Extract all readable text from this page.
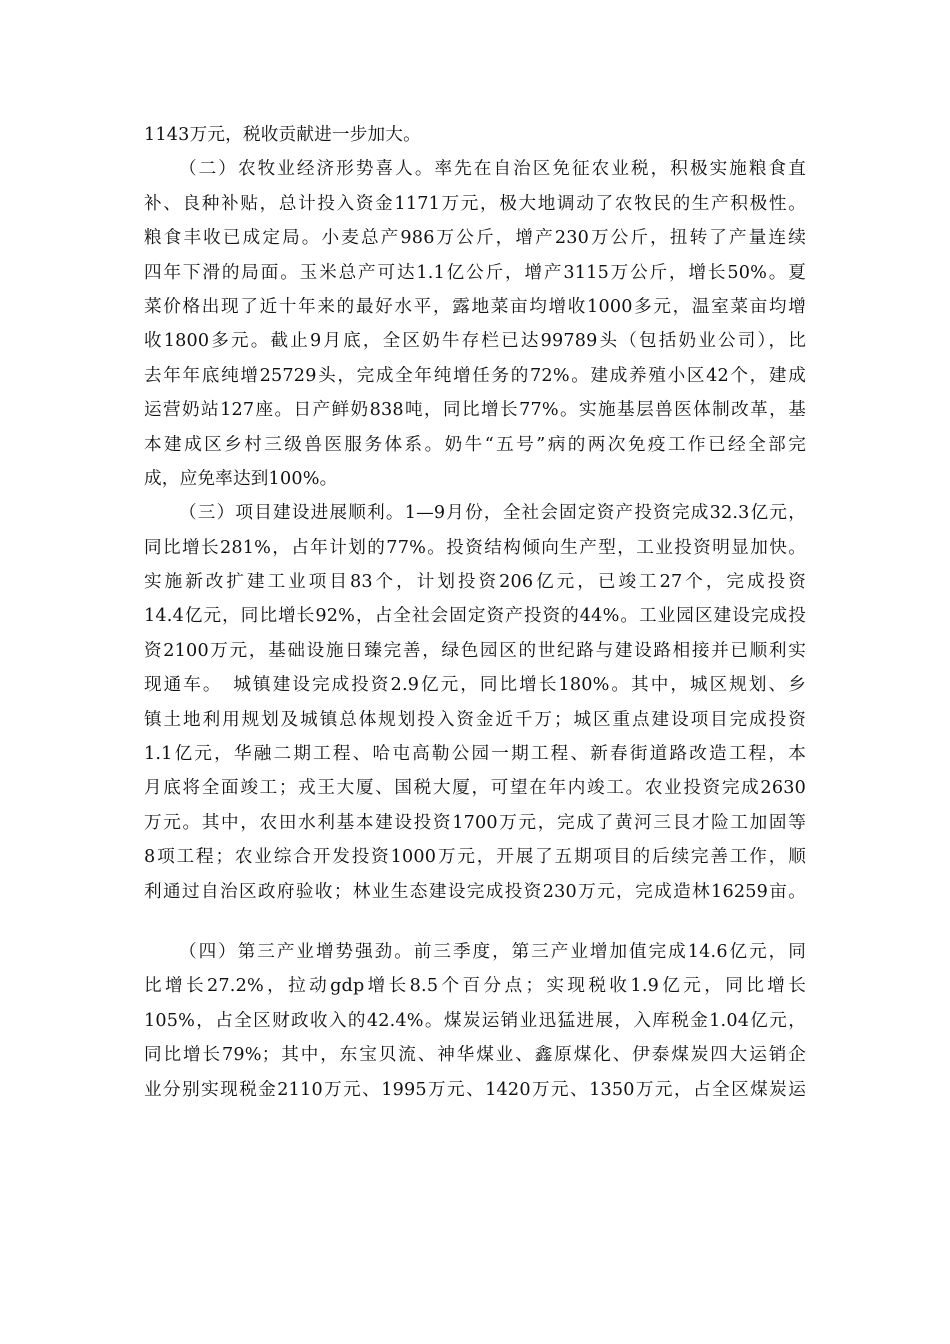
1143万元，税收贡献进一步加大。
（二）农牧业经济形势喜人。率先在自治区免征农业税，积极实施粮食直
补、良种补贴，总计投入资金1171万元，极大地调动了农牧民的生产积极性。
粮食丰收已成定局。小麦总产986万公斤，增产230万公斤，扭转了产量连续
四年下滑的局面。玉米总产可达1.1亿公斤，增产3115万公斤，增长50%。夏
菜价格出现了近十年来的最好水平，露地菜亩均增收1000多元，温室菜亩均增
收1800多元。截止9月底，全区奶牛存栏已达99789头（包括奶业公司），比
去年年底纯增25729头，完成全年纯增任务的72%。建成养殖小区42个，建成
运营奶站127座。日产鲜奶838吨，同比增长77%。实施基层兽医体制改革，基
本建成区乡村三级兽医服务体系。奶牛“五号”病的两次免疫工作已经全部完
成，应免率达到100%。
（三）项目建设进展顺利。1—9月份，全社会固定资产投资完成32.3亿元，
同比增长281%，占年计划的77%。投资结构倾向生产型，工业投资明显加快。
实施新改扩建工业项目83个，计划投资206亿元，已竣工27个，完成投资
14.4亿元，同比增长92%，占全社会固定资产投资的44%。工业园区建设完成投
资2100万元，基础设施日臻完善，绿色园区的世纪路与建设路相接并已顺利实
现通车。　城镇建设完成投资2.9亿元，同比增长180%。其中，城区规划、乡
镇土地利用规划及城镇总体规划投入资金近千万；城区重点建设项目完成投资
1.1亿元，华融二期工程、哈屯高勒公园一期工程、新春街道路改造工程，本
月底将全面竣工；戎王大厦、国税大厦，可望在年内竣工。农业投资完成2630
万元。其中，农田水利基本建设投资1700万元，完成了黄河三艮才险工加固等
8项工程；农业综合开发投资1000万元，开展了五期项目的后续完善工作，顺
利通过自治区政府验收；林业生态建设完成投资230万元，完成造林16259亩。
（四）第三产业增势强劲。前三季度，第三产业增加值完成14.6亿元，同
比增长27.2%，拉动gdp增长8.5个百分点；实现税收1.9亿元，同比增长
105%，占全区财政收入的42.4%。煤炭运销业迅猛进展，入库税金1.04亿元，
同比增长79%；其中，东宝贝流、神华煤业、鑫原煤化、伊泰煤炭四大运销企
业分别实现税金2110万元、1995万元、1420万元、1350万元，占全区煤炭运
